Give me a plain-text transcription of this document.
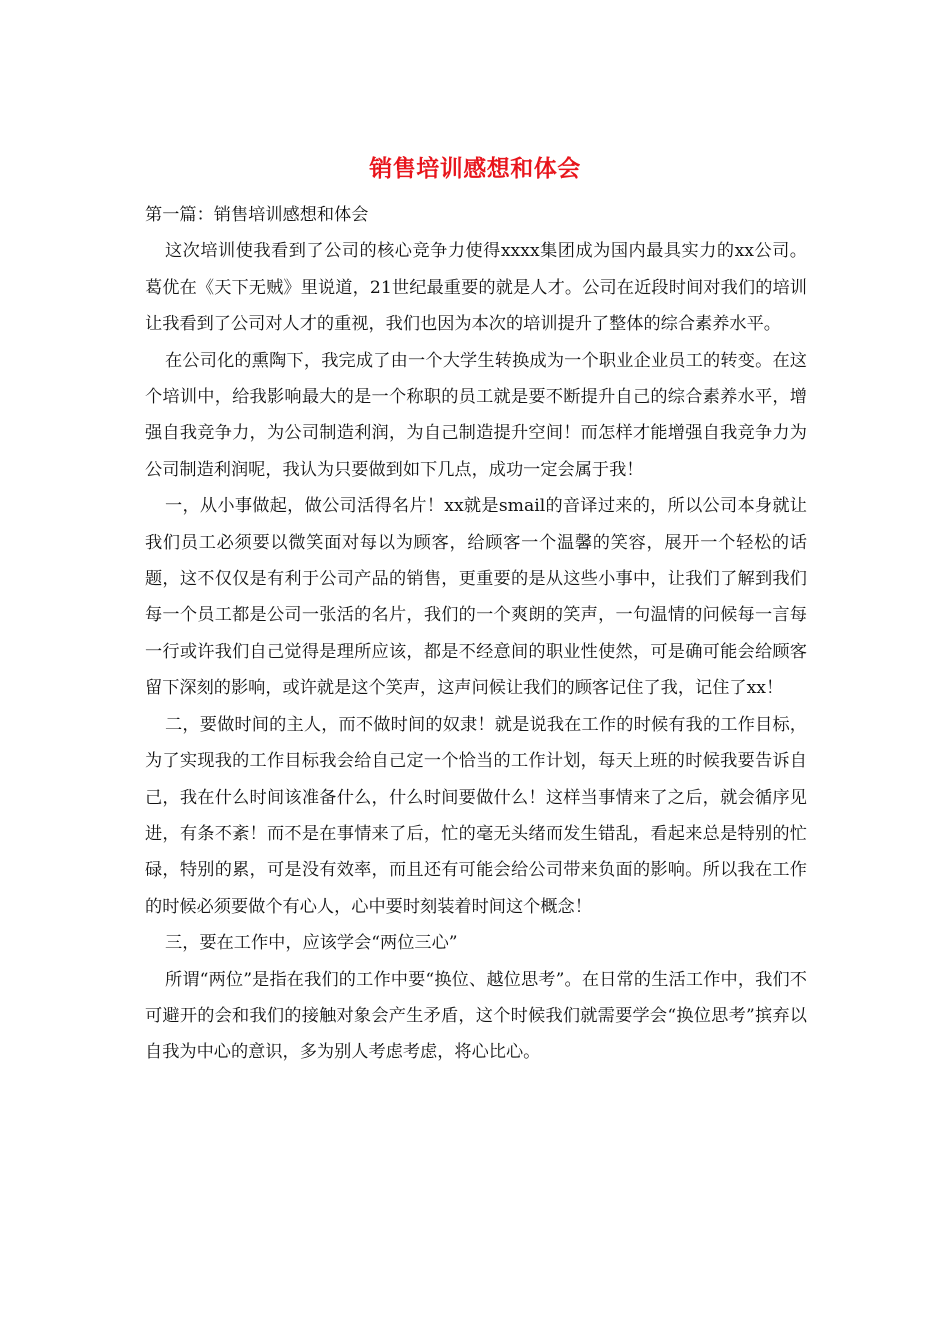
销售培训感想和体会

第一篇：销售培训感想和体会

这次培训使我看到了公司的核心竞争力使得xxxx集团成为国内最具实力的xx公司。葛优在《天下无贼》里说道，21世纪最重要的就是人才。公司在近段时间对我们的培训让我看到了公司对人才的重视，我们也因为本次的培训提升了整体的综合素养水平。

在公司化的熏陶下，我完成了由一个大学生转换成为一个职业企业员工的转变。在这个培训中，给我影响最大的是一个称职的员工就是要不断提升自己的综合素养水平，增强自我竞争力，为公司制造利润，为自己制造提升空间！而怎样才能增强自我竞争力为公司制造利润呢，我认为只要做到如下几点，成功一定会属于我！

一，从小事做起，做公司活得名片！xx就是smail的音译过来的，所以公司本身就让我们员工必须要以微笑面对每以为顾客，给顾客一个温馨的笑容，展开一个轻松的话题，这不仅仅是有利于公司产品的销售，更重要的是从这些小事中，让我们了解到我们每一个员工都是公司一张活的名片，我们的一个爽朗的笑声，一句温情的问候每一言每一行或许我们自己觉得是理所应该，都是不经意间的职业性使然，可是确可能会给顾客留下深刻的影响，或许就是这个笑声，这声问候让我们的顾客记住了我，记住了xx！

二，要做时间的主人，而不做时间的奴隶！就是说我在工作的时候有我的工作目标，为了实现我的工作目标我会给自己定一个恰当的工作计划，每天上班的时候我要告诉自己，我在什么时间该准备什么，什么时间要做什么！这样当事情来了之后，就会循序见进，有条不紊！而不是在事情来了后，忙的毫无头绪而发生错乱，看起来总是特别的忙碌，特别的累，可是没有效率，而且还有可能会给公司带来负面的影响。所以我在工作的时候必须要做个有心人，心中要时刻装着时间这个概念！

三，要在工作中，应该学会“两位三心”

所谓“两位”是指在我们的工作中要“换位、越位思考”。在日常的生活工作中，我们不可避开的会和我们的接触对象会产生矛盾，这个时候我们就需要学会“换位思考”摈弃以自我为中心的意识，多为别人考虑考虑，将心比心。
